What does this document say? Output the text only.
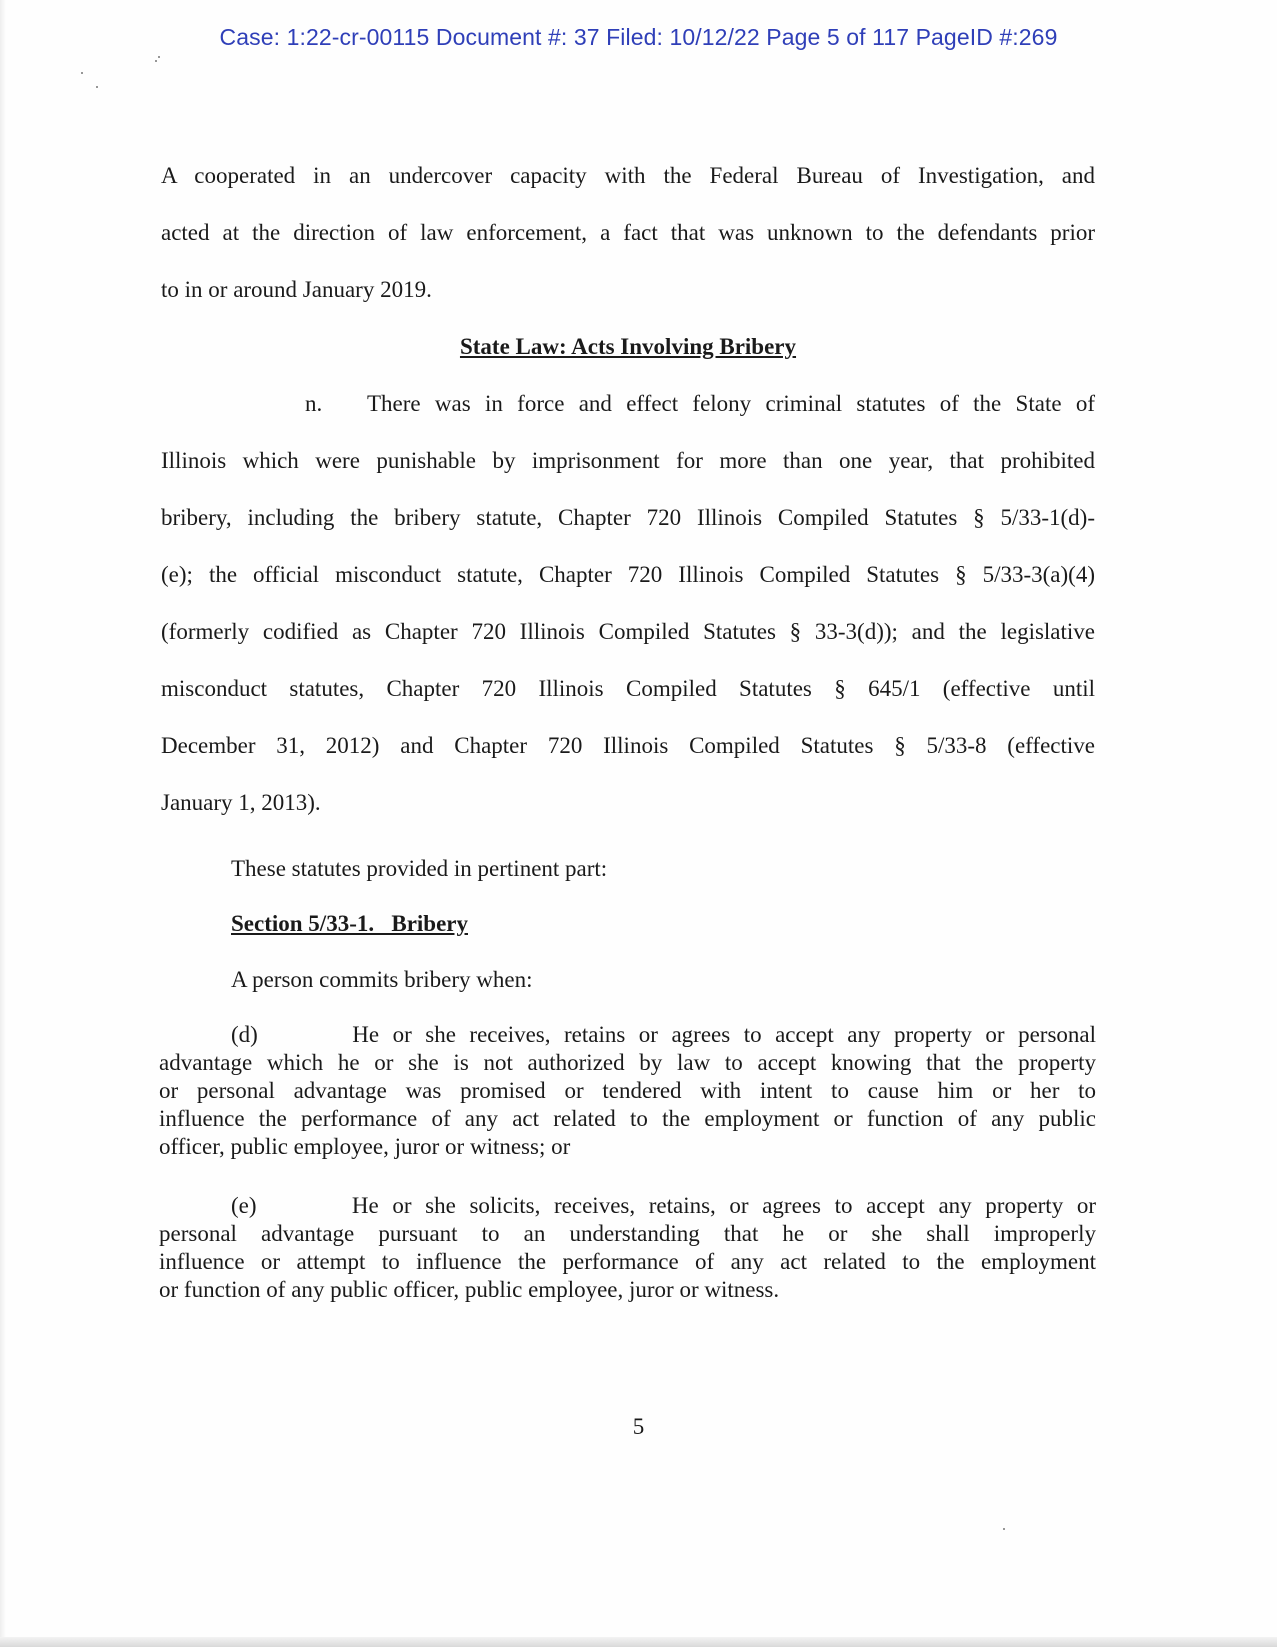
Case: 1:22-cr-00115 Document #: 37 Filed: 10/12/22 Page 5 of 117 PageID #:269
A cooperated in an undercover capacity with the Federal Bureau of Investigation, and
acted at the direction of law enforcement, a fact that was unknown to the defendants prior
to in or around January 2019.
State Law: Acts Involving Bribery
n.	There was in force and effect felony criminal statutes of the State of
Illinois which were punishable by imprisonment for more than one year, that prohibited
bribery, including the bribery statute, Chapter 720 Illinois Compiled Statutes § 5/33-1(d)-
(e); the official misconduct statute, Chapter 720 Illinois Compiled Statutes § 5/33-3(a)(4)
(formerly codified as Chapter 720 Illinois Compiled Statutes § 33-3(d)); and the legislative
misconduct statutes, Chapter 720 Illinois Compiled Statutes § 645/1 (effective until
December 31, 2012) and Chapter 720 Illinois Compiled Statutes § 5/33-8 (effective
January 1, 2013).
These statutes provided in pertinent part:
Section 5/33-1.   Bribery
A person commits bribery when:
(d)       He or she receives, retains or agrees to accept any property or personal
advantage which he or she is not authorized by law to accept knowing that the property
or personal advantage was promised or tendered with intent to cause him or her to
influence the performance of any act related to the employment or function of any public
officer, public employee, juror or witness; or
(e)       He or she solicits, receives, retains, or agrees to accept any property or
personal advantage pursuant to an understanding that he or she shall improperly
influence or attempt to influence the performance of any act related to the employment
or function of any public officer, public employee, juror or witness.
5
